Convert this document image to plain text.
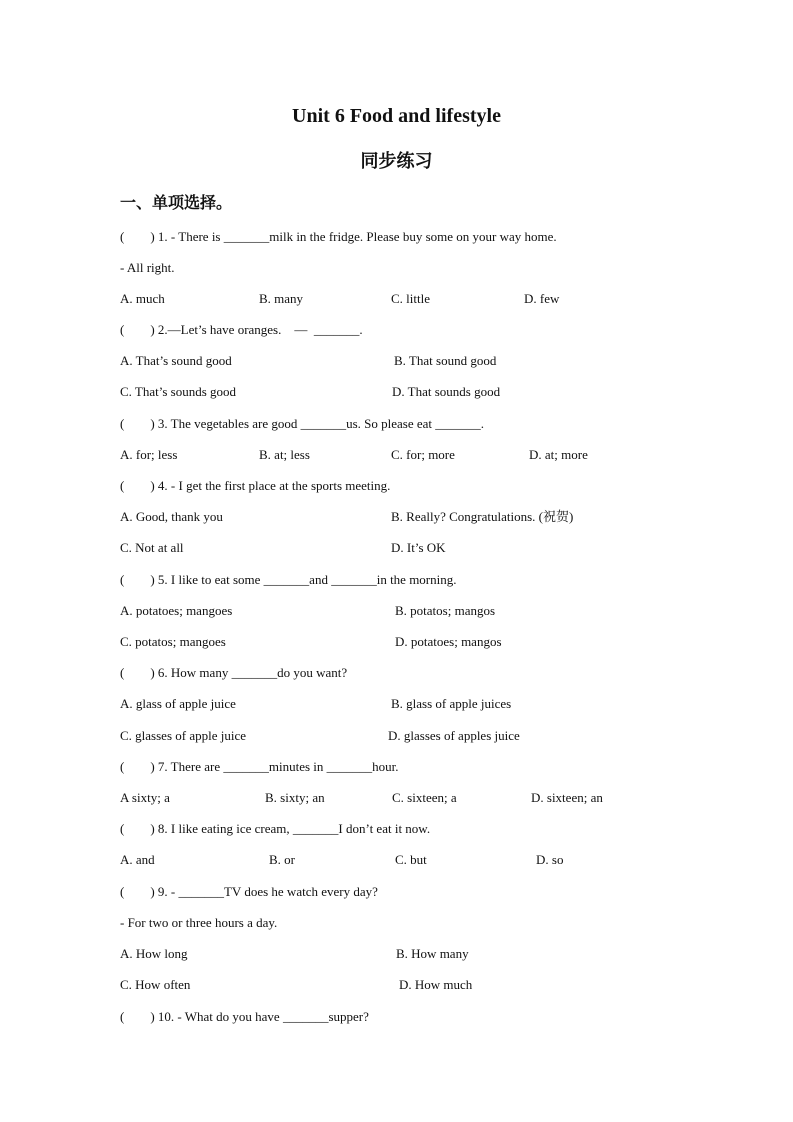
Unit 6 Food and lifestyle
同步练习
一、单项选择。
(        ) 1. - There is _______milk in the fridge. Please buy some on your way home.
- All right.
A. much	B. many	C. little	D. few
(        ) 2.—Let’s have oranges.    —  _______.
A. That’s sound good	B. That sound good
C. That’s sounds good	D. That sounds good
(        ) 3. The vegetables are good _______us. So please eat _______.
A. for; less	B. at; less	C. for; more	D. at; more
(        ) 4. - I get the first place at the sports meeting.
A. Good, thank you	B. Really? Congratulations. (祝贺)
C. Not at all	D. It’s OK
(        ) 5. I like to eat some _______and _______in the morning.
A. potatoes; mangoes	B. potatos; mangos
C. potatos; mangoes	D. potatoes; mangos
(        ) 6. How many _______do you want?
A. glass of apple juice	B. glass of apple juices
C. glasses of apple juice	D. glasses of apples juice
(        ) 7. There are _______minutes in _______hour.
A sixty; a	B. sixty; an	C. sixteen; a	D. sixteen; an
(        ) 8. I like eating ice cream, _______I don’t eat it now.
A. and	B. or	C. but	D. so
(        ) 9. - _______TV does he watch every day?
- For two or three hours a day.
A. How long	B. How many
C. How often	D. How much
(        ) 10. - What do you have _______supper?
